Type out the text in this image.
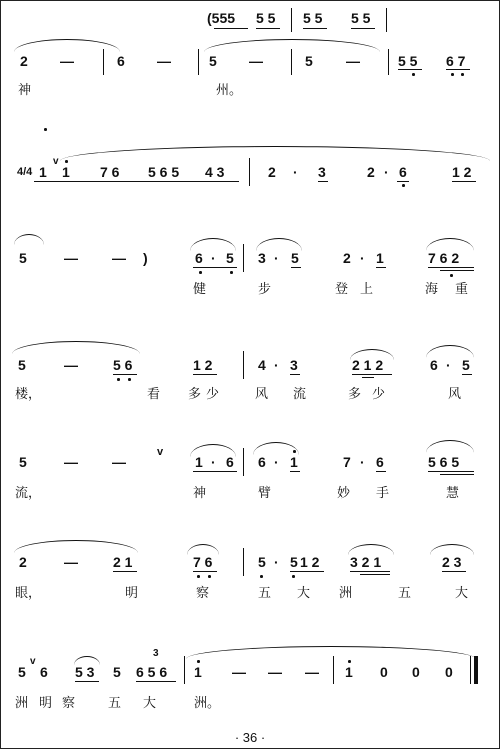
(555 5 5 5 5 5 5
2 —	6 —	5 —	5 —	5 5 6 7
神	州。
4/4 1
v
1 7 6 5 6 5 4 3	2 · 3	2 · 6	1 2
5	— — )	6 · 5 3 · 5	2 · 1	7 6 2
健	步	登 上	海 重
5	—	5 6	1 2	4 · 3	2 1 2	6 · 5
楼，	看 多 少	风 流	多 少	风
5	— —
v
1 · 6 6 · 1	7 · 6	5 6 5
流，	神	臂	妙 手	慧
2	—	2 1	7 6	5 · 5 1 2 3 2 1	2 3
眼，	明	察	五 大 洲	五	大
5
v
6 5 3 5
3
6 5 6 1 — — — 1 0 0 0
洲 明 察	五 大	洲。
· 36 ·
